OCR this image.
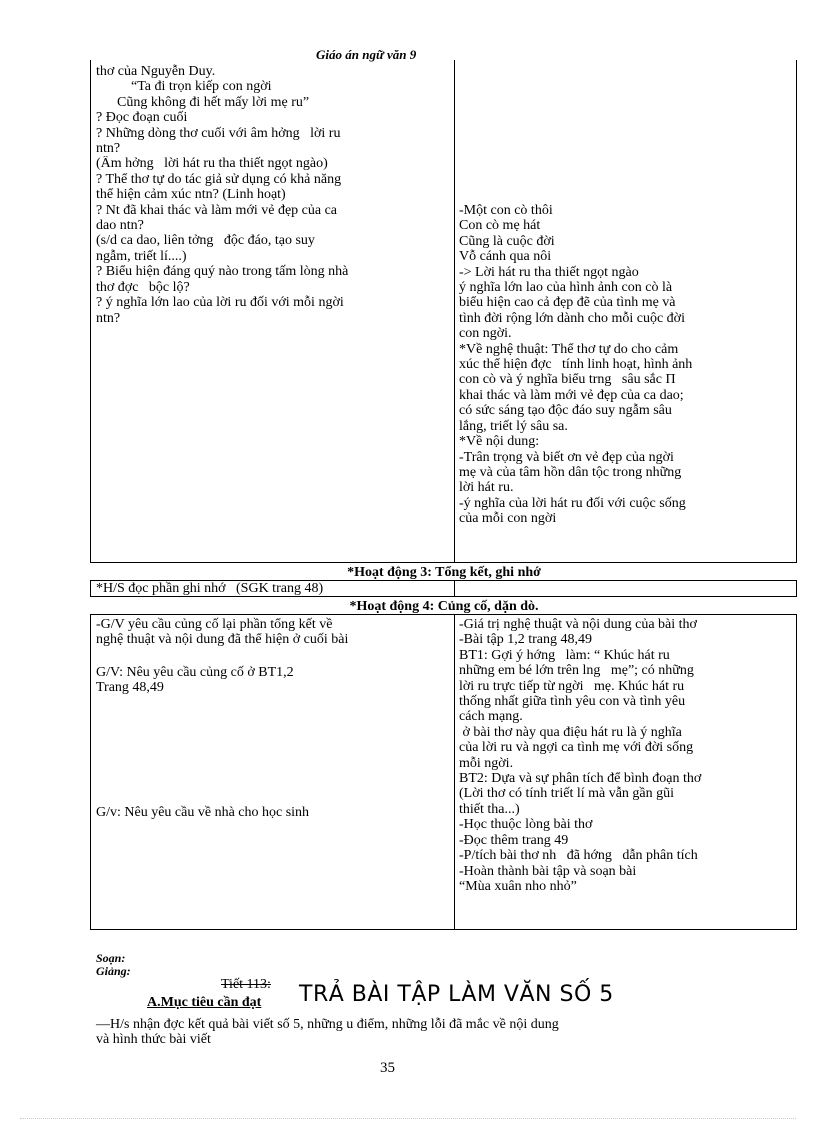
Giáo án ngữ văn 9
thơ của Nguyễn Duy.
“Ta đi trọn kiếp con ngời
Cũng không đi hết mấy lời mẹ ru”
? Đọc đoạn cuối
? Những dòng thơ cuối với âm hởng   lời ru
ntn?
(Âm hởng   lời hát ru tha thiết ngọt ngào)
? Thể thơ tự do tác giả sử dụng có khả năng
thể hiện cảm xúc ntn? (Linh hoạt)
? Nt đã khai thác và làm mới vẻ đẹp của ca
dao ntn?
(s/d ca dao, liên tởng   độc đáo, tạo suy
ngẫm, triết lí....)
? Biểu hiện đáng quý nào trong tấm lòng nhà
thơ đợc   bộc lộ?
? ý nghĩa lớn lao của lời ru đối với mỗi ngời
ntn?
-Một con cò thôi
Con cò mẹ hát
Cũng là cuộc đời
Vỗ cánh qua nôi
-> Lời hát ru tha thiết ngọt ngào
ý nghĩa lớn lao của hình ảnh con cò là
biểu hiện cao cả đẹp đẽ của tình mẹ và
tình đời rộng lớn dành cho mỗi cuộc đời
con ngời.
*Về nghệ thuật: Thể thơ tự do cho cảm
xúc thể hiện đợc   tính linh hoạt, hình ảnh
con cò và ý nghĩa biểu trng   sâu sắc Π
khai thác và làm mới vẻ đẹp của ca dao;
có sức sáng tạo độc đáo suy ngẫm sâu
lắng, triết lý sâu sa.
*Về nội dung:
-Trân trọng và biết ơn vẻ đẹp của ngời
mẹ và của tâm hồn dân tộc trong những
lời hát ru.
-ý nghĩa của lời hát ru đối với cuộc sống
của mỗi con ngời
*Hoạt động 3: Tổng kết, ghi nhớ
*H/S đọc phần ghi nhớ   (SGK trang 48)
*Hoạt động 4: Củng cố, dặn dò.
-G/V yêu cầu củng cố lại phần tổng kết về
nghệ thuật và nội dung đã thể hiện ở cuối bài
G/V: Nêu yêu cầu củng cố ở BT1,2
Trang 48,49
G/v: Nêu yêu cầu về nhà cho học sinh
-Giá trị nghệ thuật và nội dung của bài thơ
-Bài tập 1,2 trang 48,49
BT1: Gợi ý hớng   làm: “ Khúc hát ru
những em bé lớn trên lng   mẹ”; có những
lời ru trực tiếp từ ngời   mẹ. Khúc hát ru
thống nhất giữa tình yêu con và tình yêu
cách mạng.
ở bài thơ này qua điệu hát ru là ý nghĩa
của lời ru và ngợi ca tình mẹ với đời sống
mỗi ngời.
BT2: Dựa và sự phân tích để bình đoạn thơ
(Lời thơ có tính triết lí mà vẫn gần gũi
thiết tha...)
-Học thuộc lòng bài thơ
-Đọc thêm trang 49
-P/tích bài thơ nh   đã hớng   dẫn phân tích
-Hoàn thành bài tập và soạn bài
“Mùa xuân nho nhỏ”
Soạn:
Giảng:
Tiết 113:
A.Mục tiêu cần đạt TRẢ BÀI TẬP LÀM VĂN SỐ 5
—H/s nhận đợc kết quả bài viết số 5, những u điểm, những lỗi đã mắc về nội dung
và hình thức bài viết
35
